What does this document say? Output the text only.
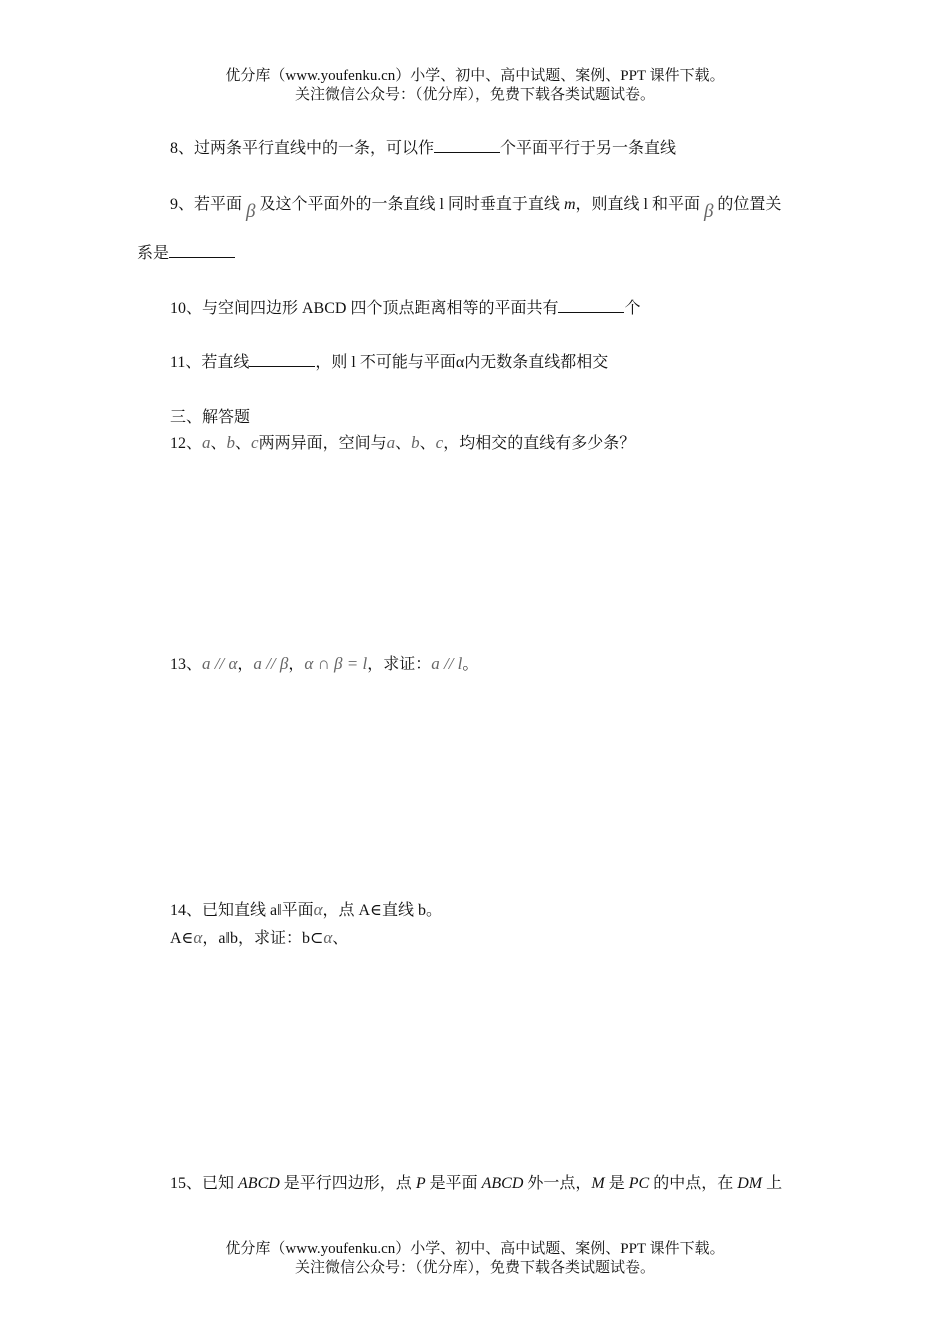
优分库（www.youfenku.cn）小学、初中、高中试题、案例、PPT 课件下载。
关注微信公众号：（优分库），免费下载各类试题试卷。
8、过两条平行直线中的一条，可以作	个平面平行于另一条直线
9、若平面 β 及这个平面外的一条直线 l 同时垂直于直线 m，则直线 l 和平面 β 的位置关
系是
10、与空间四边形 ABCD 四个顶点距离相等的平面共有	个
11、若直线	，则 l 不可能与平面α内无数条直线都相交
三、解答题
12、a、b、c两两异面，空间与a、b、c，均相交的直线有多少条？
13、a // α，a // β，α ∩ β = l，求证：a // l。
14、已知直线 a‖平面α，点 A∈直线 b。
A∈α，a‖b，求证：b⊂α、
15、已知 ABCD 是平行四边形，点 P 是平面 ABCD 外一点，M 是 PC 的中点，在 DM 上
优分库（www.youfenku.cn）小学、初中、高中试题、案例、PPT 课件下载。
关注微信公众号：（优分库），免费下载各类试题试卷。
